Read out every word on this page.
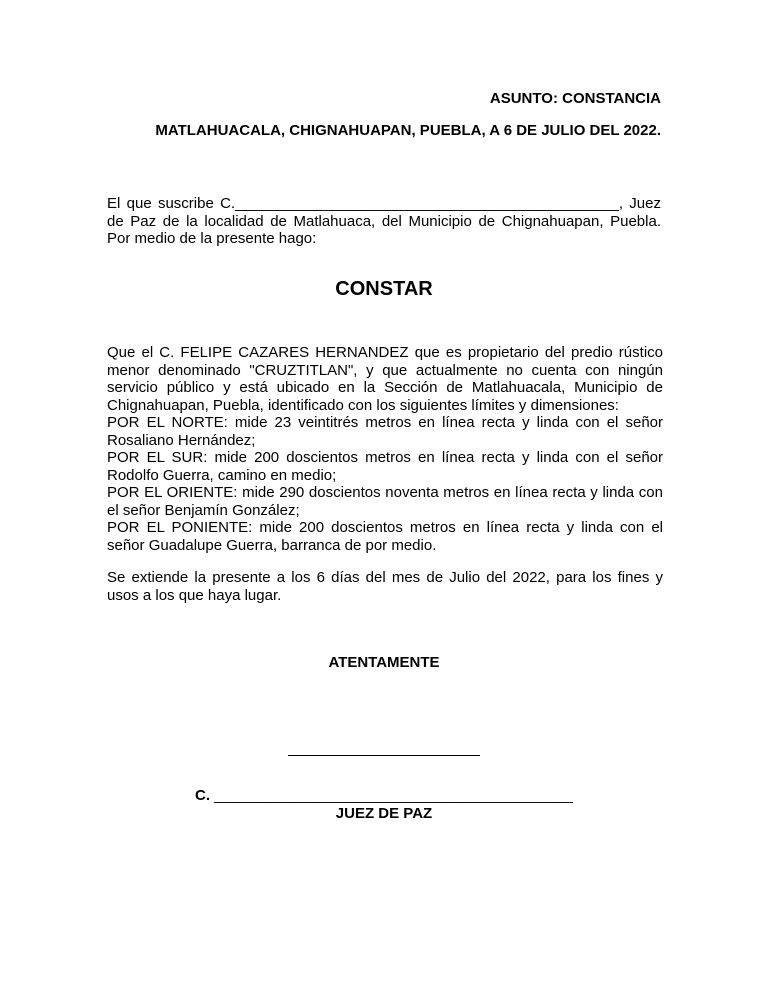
ASUNTO: CONSTANCIA
MATLAHUACALA, CHIGNAHUAPAN, PUEBLA, A 6 DE JULIO DEL 2022.

El que suscribe C.______________________________________________, Juez

de Paz de la localidad de Matlahuaca, del Municipio de Chignahuapan, Puebla.

Por medio de la presente hago:

CONSTAR

Que el C. FELIPE CAZARES HERNANDEZ que es propietario del predio rústico menor denominado "CRUZTITLAN", y que actualmente no cuenta con ningún servicio público y está ubicado en la Sección de Matlahuacala, Municipio de Chignahuapan, Puebla, identificado con los siguientes límites y dimensiones:

POR EL NORTE: mide 23 veintitrés metros en línea recta y linda con el señor Rosaliano Hernández;

POR EL SUR: mide 200 doscientos metros en línea recta y linda con el señor Rodolfo Guerra, camino en medio;

POR EL ORIENTE: mide 290 doscientos noventa metros en línea recta y linda con el señor Benjamín González;

POR EL PONIENTE: mide 200 doscientos metros en línea recta y linda con el señor Guadalupe Guerra, barranca de por medio.

Se extiende la presente a los 6 días del mes de Julio del 2022, para los fines y usos a los que haya lugar.
ATENTAMENTE
C. ___________________________________________
JUEZ DE PAZ
